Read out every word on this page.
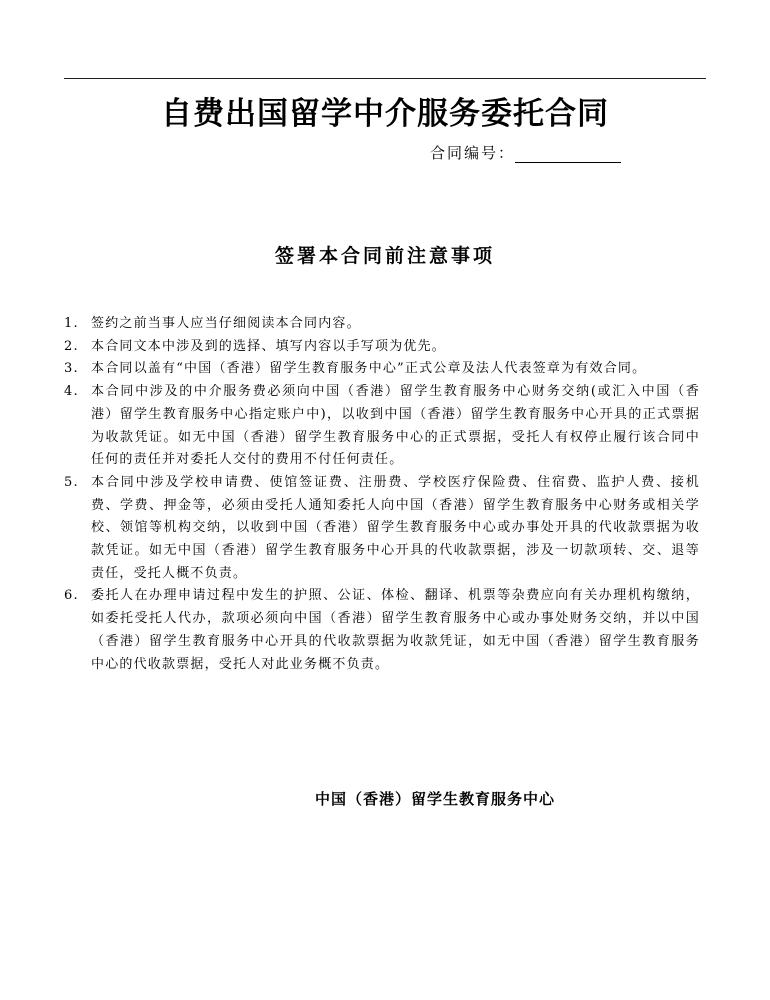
自费出国留学中介服务委托合同
合同编号：
签署本合同前注意事项
1. 签约之前当事人应当仔细阅读本合同内容。
2. 本合同文本中涉及到的选择、填写内容以手写项为优先。
3. 本合同以盖有“中国（香港）留学生教育服务中心”正式公章及法人代表签章为有效合同。
4. 本合同中涉及的中介服务费必须向中国（香港）留学生教育服务中心财务交纳(或汇入中国（香港）留学生教育服务中心指定账户中)，以收到中国（香港）留学生教育服务中心开具的正式票据为收款凭证。如无中国（香港）留学生教育服务中心的正式票据，受托人有权停止履行该合同中任何的责任并对委托人交付的费用不付任何责任。
5. 本合同中涉及学校申请费、使馆签证费、注册费、学校医疗保险费、住宿费、监护人费、接机费、学费、押金等，必须由受托人通知委托人向中国（香港）留学生教育服务中心财务或相关学校、领馆等机构交纳，以收到中国（香港）留学生教育服务中心或办事处开具的代收款票据为收款凭证。如无中国（香港）留学生教育服务中心开具的代收款票据，涉及一切款项转、交、退等责任，受托人概不负责。
6. 委托人在办理申请过程中发生的护照、公证、体检、翻译、机票等杂费应向有关办理机构缴纳，如委托受托人代办，款项必须向中国（香港）留学生教育服务中心或办事处财务交纳，并以中国（香港）留学生教育服务中心开具的代收款票据为收款凭证，如无中国（香港）留学生教育服务中心的代收款票据，受托人对此业务概不负责。
中国（香港）留学生教育服务中心
